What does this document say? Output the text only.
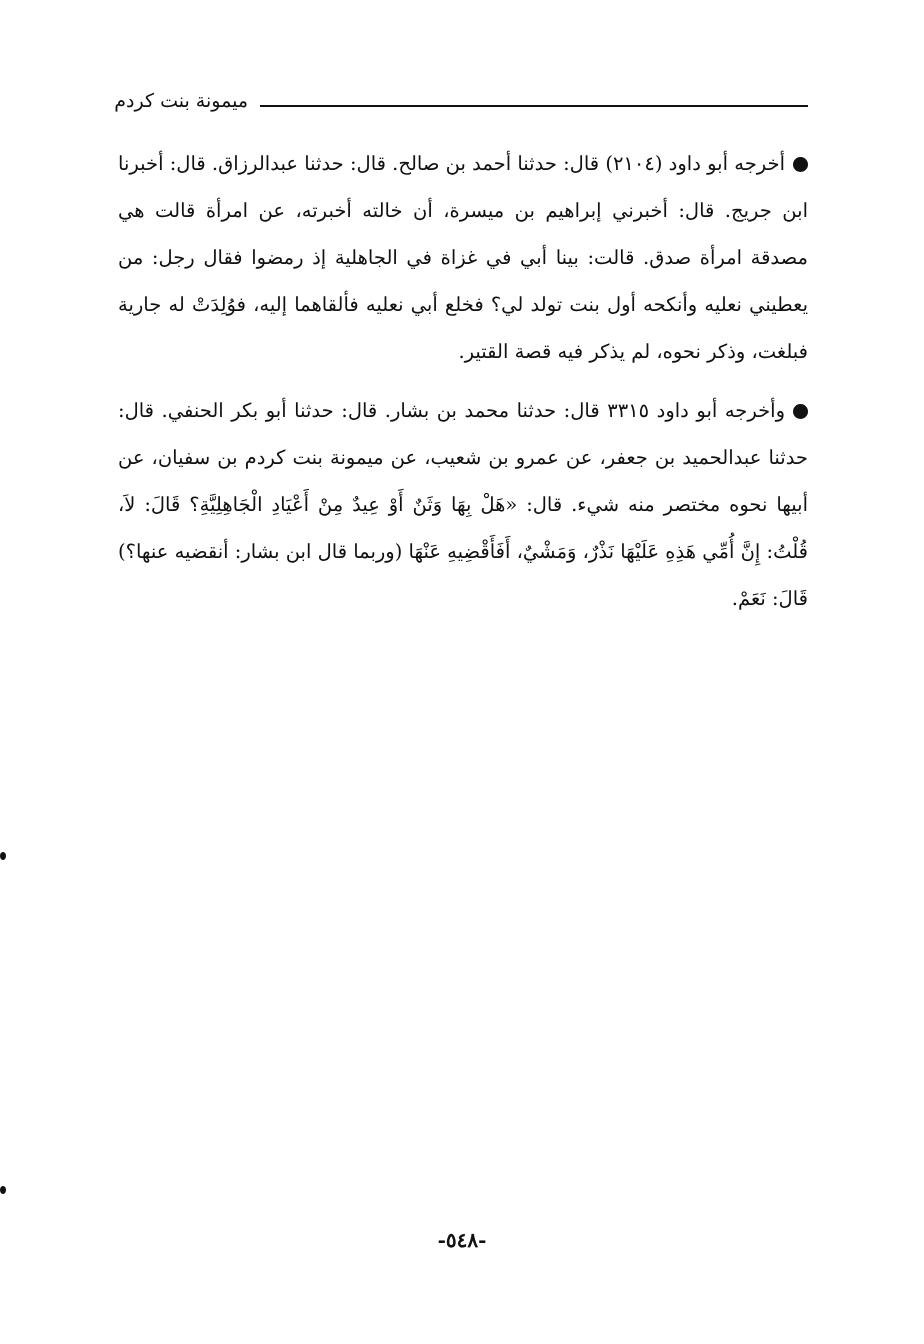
ميمونة بنت كردم

أخرجه أبو داود (٢١٠٤) قال: حدثنا أحمد بن صالح. قال: حدثنا عبدالرزاق. قال: أخبرنا ابن جريج. قال: أخبرني إبراهيم بن ميسرة، أن خالته أخبرته، عن امرأة قالت هي مصدقة امرأة صدق. قالت: بينا أبي في غزاة في الجاهلية إذ رمضوا فقال رجل: من يعطيني نعليه وأنكحه أول بنت تولد لي؟ فخلع أبي نعليه فألقاهما إليه، فوُلِدَتْ له جارية فبلغت، وذكر نحوه، لم يذكر فيه قصة القتير.

وأخرجه أبو داود ٣٣١٥ قال: حدثنا محمد بن بشار. قال: حدثنا أبو بكر الحنفي. قال: حدثنا عبدالحميد بن جعفر، عن عمرو بن شعيب، عن ميمونة بنت كردم بن سفيان، عن أبيها نحوه مختصر منه شيء. قال: «هَلْ بِهَا وَثَنٌ أَوْ عِيدٌ مِنْ أَعْيَادِ الْجَاهِلِيَّةِ؟ قَالَ: لاَ، قُلْتُ: إِنَّ أُمِّي هَذِهِ عَلَيْهَا نَذْرٌ، وَمَشْيٌ، أَفَأَقْضِيهِ عَنْهَا (وربما قال ابن بشار: أنقضيه عنها؟) قَالَ: نَعَمْ.

-٥٤٨-
